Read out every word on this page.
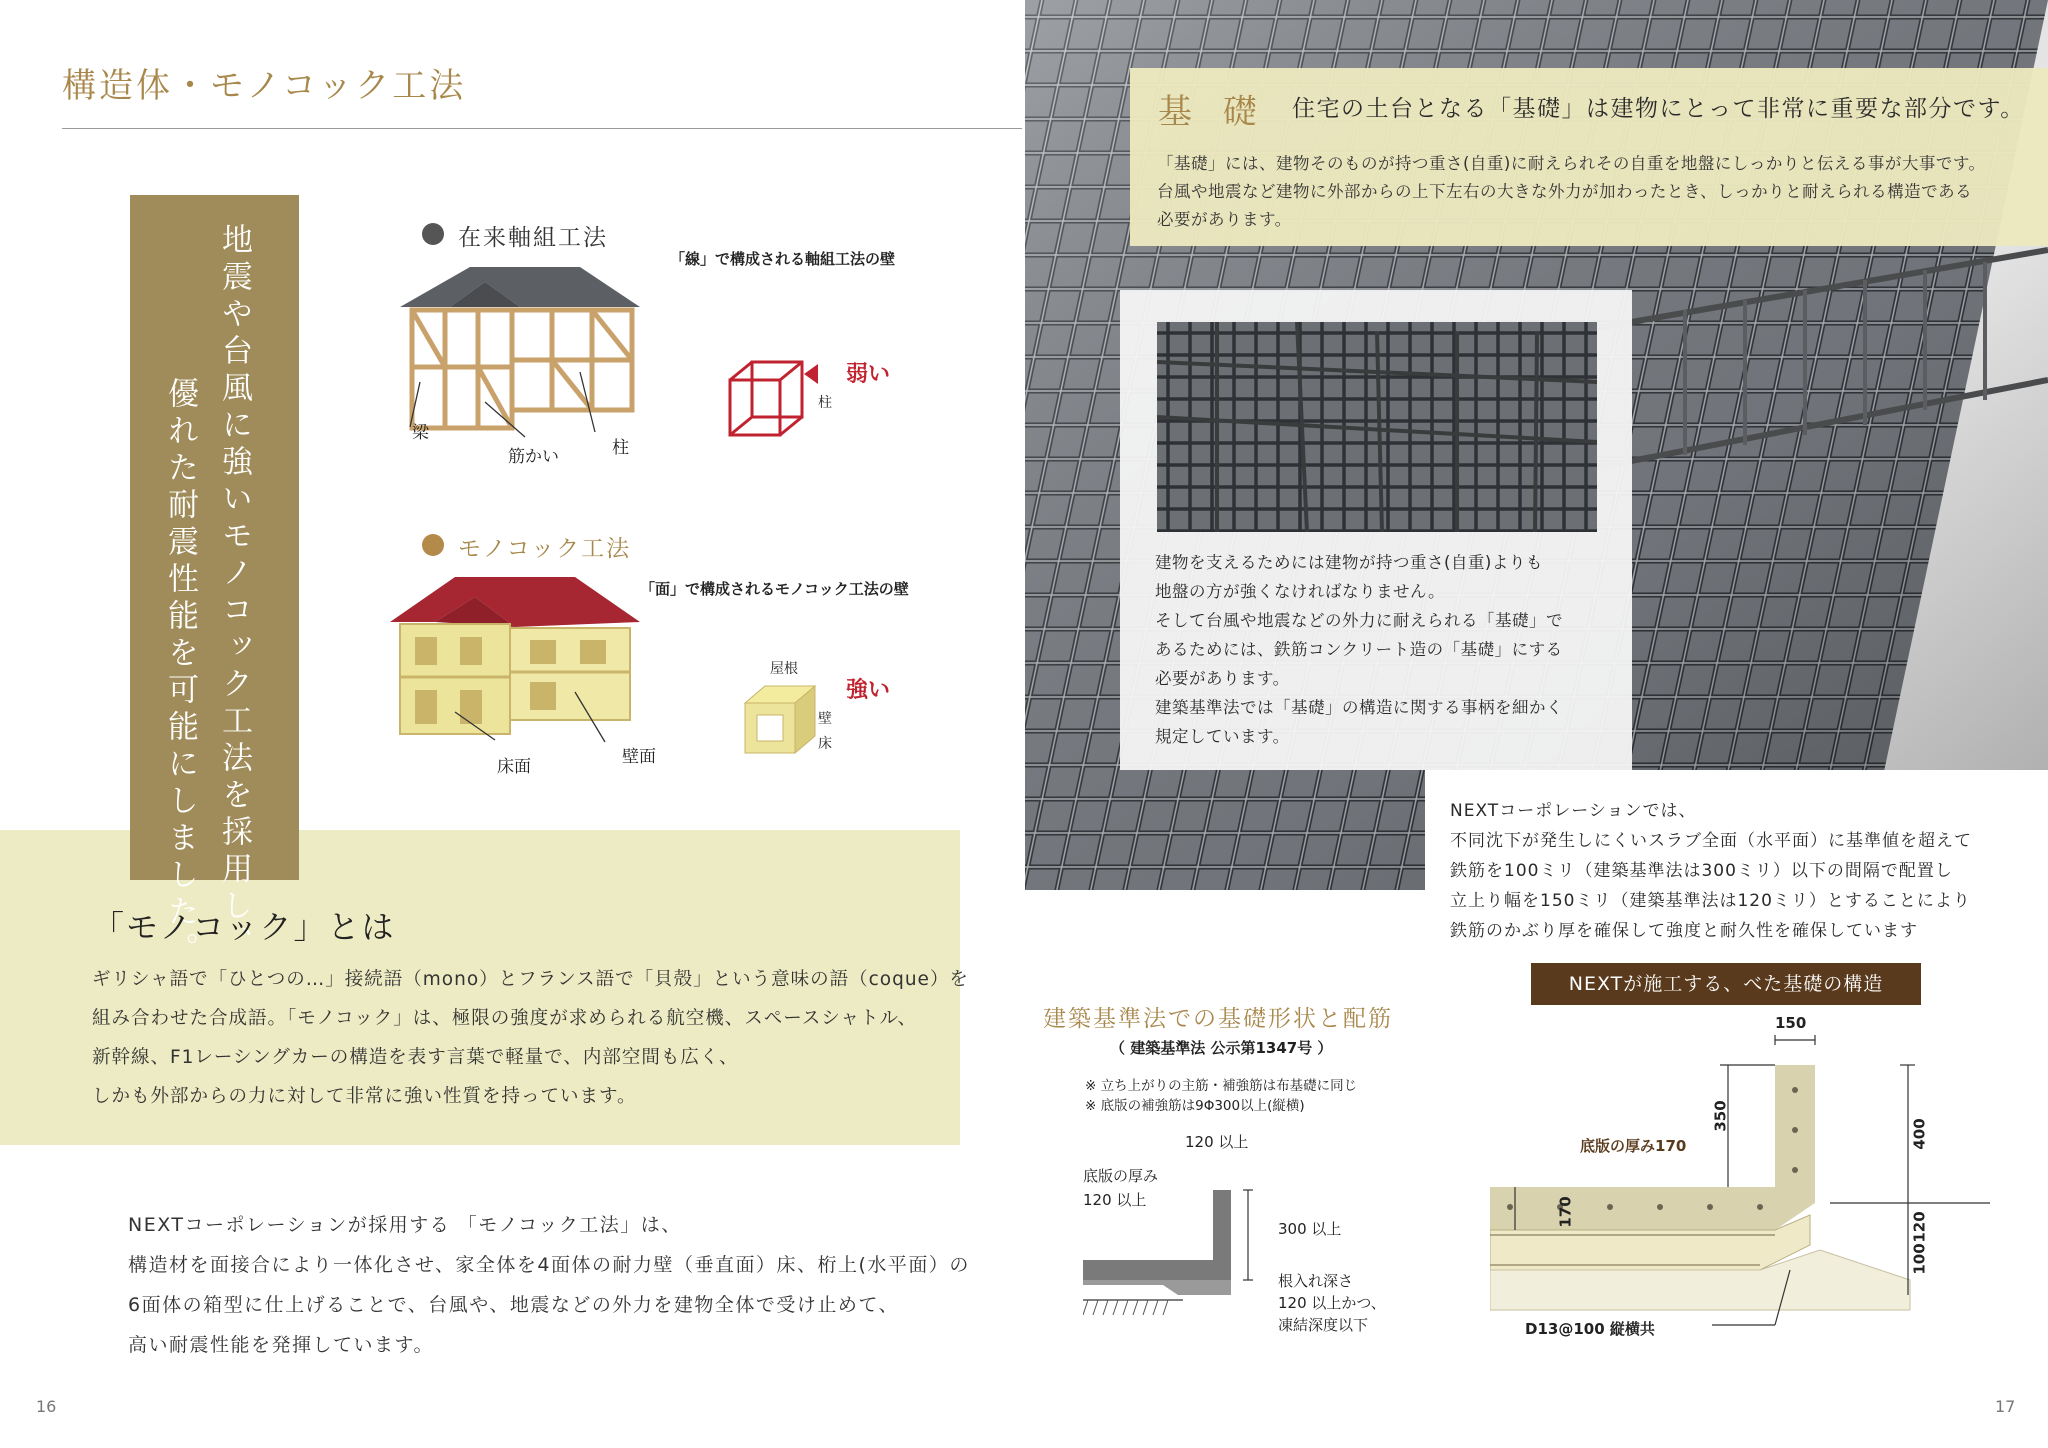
構造体・モノコック工法
地震や台風に強いモノコック工法を採用し、
優れた耐震性能を可能にしました。
在来軸組工法
「線」で構成される軸組工法の壁
梁
筋かい	柱
弱い
柱
モノコック工法
「面」で構成されるモノコック工法の壁
床面	壁面
強い
屋根
壁
床
「モノコック」とは
ギリシャ語で「ひとつの…」接続語（mono）とフランス語で「貝殻」という意味の語（coque）を
組み合わせた合成語。「モノコック」は、極限の強度が求められる航空機、スペースシャトル、
新幹線、F1レーシングカーの構造を表す言葉で軽量で、内部空間も広く、
しかも外部からの力に対して非常に強い性質を持っています。
NEXTコーポレーションが採用する 「モノコック工法」は、
構造材を面接合により一体化させ、家全体を4面体の耐力壁（垂直面）床、桁上(水平面）の
6面体の箱型に仕上げることで、台風や、地震などの外力を建物全体で受け止めて、
高い耐震性能を発揮しています。
16
基 礎 住宅の土台となる「基礎」は建物にとって非常に重要な部分です。
「基礎」には、建物そのものが持つ重さ(自重)に耐えられその自重を地盤にしっかりと伝える事が大事です。
台風や地震など建物に外部からの上下左右の大きな外力が加わったとき、しっかりと耐えられる構造である
必要があります。
建物を支えるためには建物が持つ重さ(自重)よりも
地盤の方が強くなければなりません。
そして台風や地震などの外力に耐えられる「基礎」で
あるためには、鉄筋コンクリート造の「基礎」にする
必要があります。
建築基準法では「基礎」の構造に関する事柄を細かく
規定しています。
NEXTコーポレーションでは、
不同沈下が発生しにくいスラブ全面（水平面）に基準値を超えて
鉄筋を100ミリ（建築基準法は300ミリ）以下の間隔で配置し
立上り幅を150ミリ（建築基準法は120ミリ）とすることにより
鉄筋のかぶり厚を確保して強度と耐久性を確保しています
建築基準法での基礎形状と配筋
（ 建築基準法 公示第1347号 ）
※ 立ち上がりの主筋・補強筋は布基礎に同じ
※ 底版の補強筋は9Φ300以上(縦横)
120 以上
底版の厚み
120 以上
300 以上
根入れ深さ
120 以上かつ、
凍結深度以下
NEXTが施工する、べた基礎の構造
150
底版の厚み170
350
170
400
120
100
D13@100 縦横共
17
